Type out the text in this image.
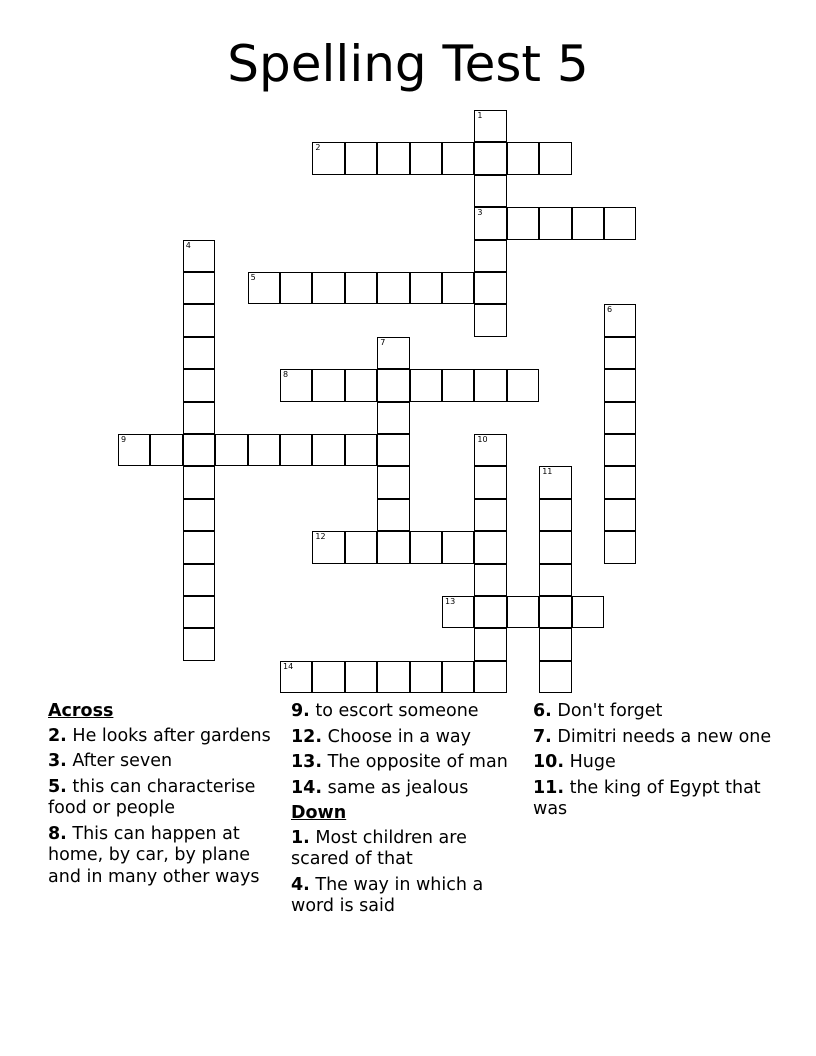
Spelling Test 5
1
3
2
4
5
6
7
8
9	10
11
12
13
14
Across
2. He looks after gardens
3. After seven
5. this can characterise food or people
8. This can happen at home, by car, by plane and in many other ways
9. to escort someone
12. Choose in a way
13. The opposite of man
14. same as jealous
Down
1. Most children are scared of that
4. The way in which a word is said
6. Don't forget
7. Dimitri needs a new one
10. Huge
11. the king of Egypt that was
